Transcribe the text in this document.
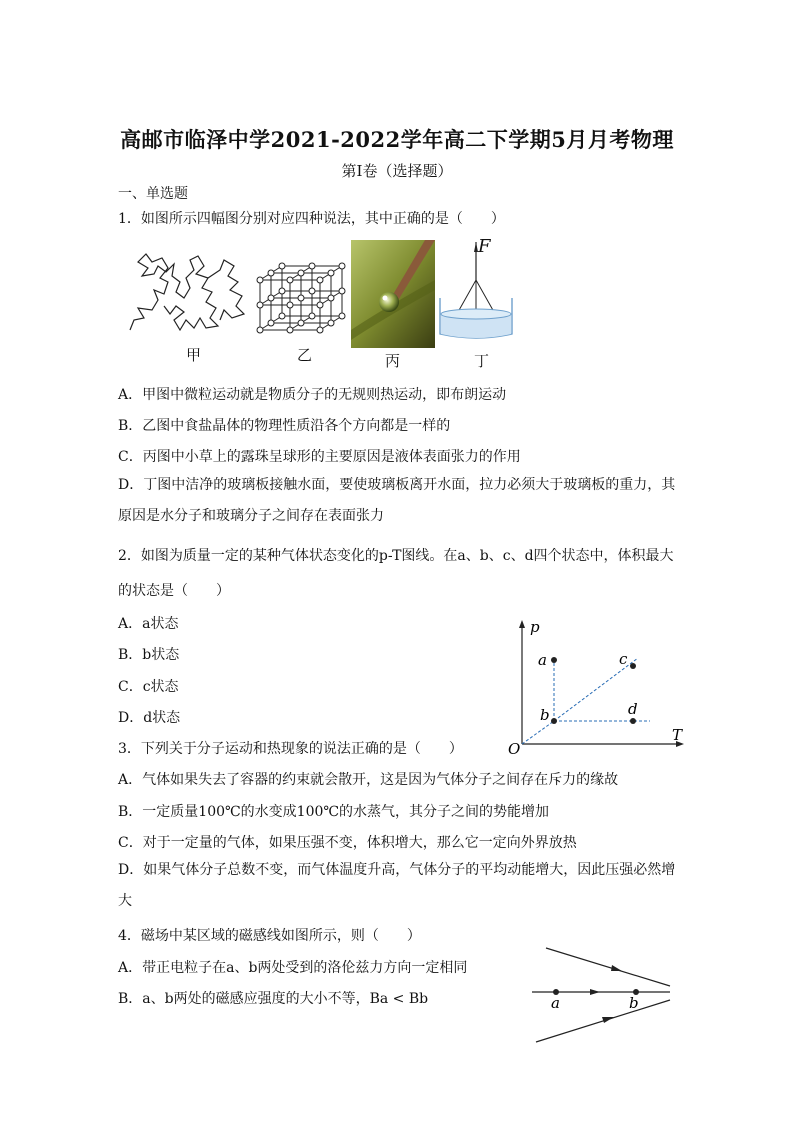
高邮市临泽中学2021-2022学年高二下学期5月月考物理
第Ⅰ卷（选择题）
一、单选题
1．如图所示四幅图分别对应四种说法，其中正确的是（　　）
甲	乙	丙
F
丁
A．甲图中微粒运动就是物质分子的无规则热运动，即布朗运动
B．乙图中食盐晶体的物理性质沿各个方向都是一样的
C．丙图中小草上的露珠呈球形的主要原因是液体表面张力的作用
D．丁图中洁净的玻璃板接触水面，要使玻璃板离开水面，拉力必须大于玻璃板的重力，其原因是水分子和玻璃分子之间存在表面张力
2．如图为质量一定的某种气体状态变化的p-T图线。在a、b、c、d四个状态中，体积最大的状态是（　　）
A．a状态
B．b状态
C．c状态
D．d状态
p
T
O
a
b
c
d
3．下列关于分子运动和热现象的说法正确的是（　　）
A．气体如果失去了容器的约束就会散开，这是因为气体分子之间存在斥力的缘故
B．一定质量100℃的水变成100℃的水蒸气，其分子之间的势能增加
C．对于一定量的气体，如果压强不变，体积增大，那么它一定向外界放热
D．如果气体分子总数不变，而气体温度升高，气体分子的平均动能增大，因此压强必然增大
4．磁场中某区域的磁感线如图所示，则（　　）
A．带正电粒子在a、b两处受到的洛伦兹力方向一定相同
B．a、b两处的磁感应强度的大小不等，Ba < Bb	a	b
